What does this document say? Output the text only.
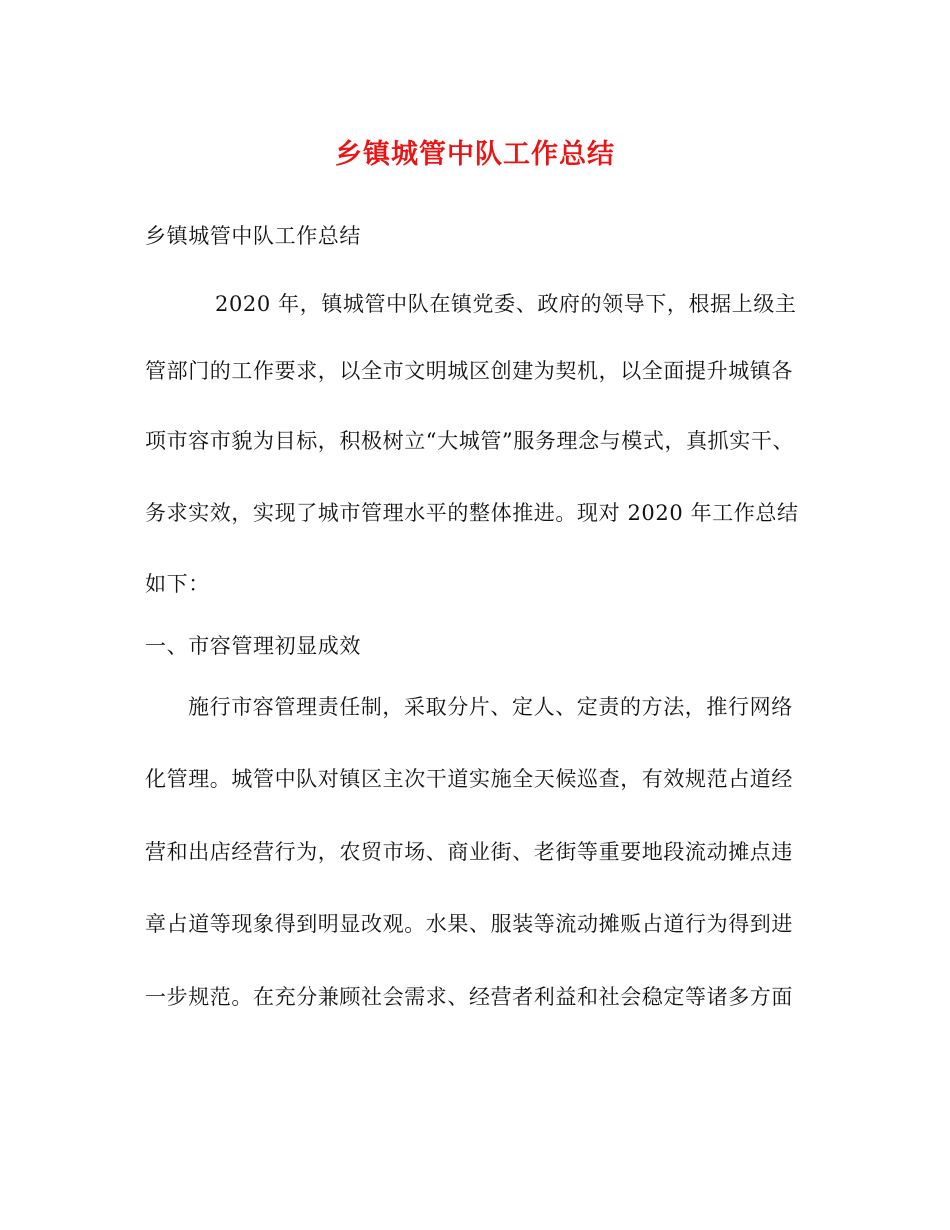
乡镇城管中队工作总结
乡镇城管中队工作总结
2020 年，镇城管中队在镇党委、政府的领导下，根据上级主
管部门的工作要求，以全市文明城区创建为契机，以全面提升城镇各
项市容市貌为目标，积极树立“大城管”服务理念与模式，真抓实干、
务求实效，实现了城市管理水平的整体推进。现对 2020 年工作总结
如下：
一、市容管理初显成效
施行市容管理责任制，采取分片、定人、定责的方法，推行网络
化管理。城管中队对镇区主次干道实施全天候巡查，有效规范占道经
营和出店经营行为，农贸市场、商业街、老街等重要地段流动摊点违
章占道等现象得到明显改观。水果、服装等流动摊贩占道行为得到进
一步规范。在充分兼顾社会需求、经营者利益和社会稳定等诸多方面
